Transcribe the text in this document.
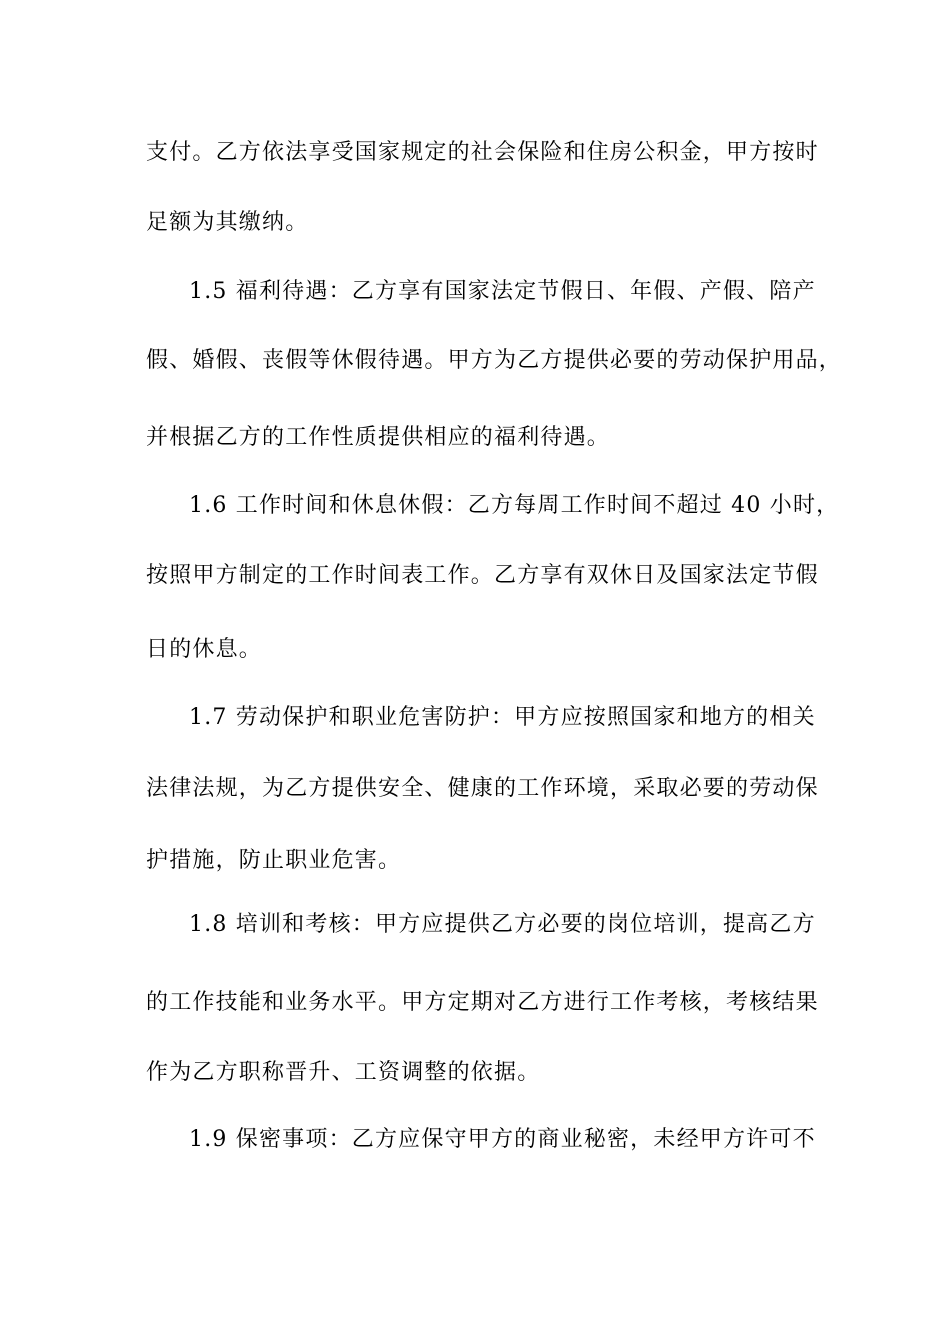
支付。乙方依法享受国家规定的社会保险和住房公积金，甲方按时
足额为其缴纳。
1.5 福利待遇：乙方享有国家法定节假日、年假、产假、陪产
假、婚假、丧假等休假待遇。甲方为乙方提供必要的劳动保护用品，
并根据乙方的工作性质提供相应的福利待遇。
1.6 工作时间和休息休假：乙方每周工作时间不超过 40 小时，
按照甲方制定的工作时间表工作。乙方享有双休日及国家法定节假
日的休息。
1.7 劳动保护和职业危害防护：甲方应按照国家和地方的相关
法律法规，为乙方提供安全、健康的工作环境，采取必要的劳动保
护措施，防止职业危害。
1.8 培训和考核：甲方应提供乙方必要的岗位培训，提高乙方
的工作技能和业务水平。甲方定期对乙方进行工作考核，考核结果
作为乙方职称晋升、工资调整的依据。
1.9 保密事项：乙方应保守甲方的商业秘密，未经甲方许可不
